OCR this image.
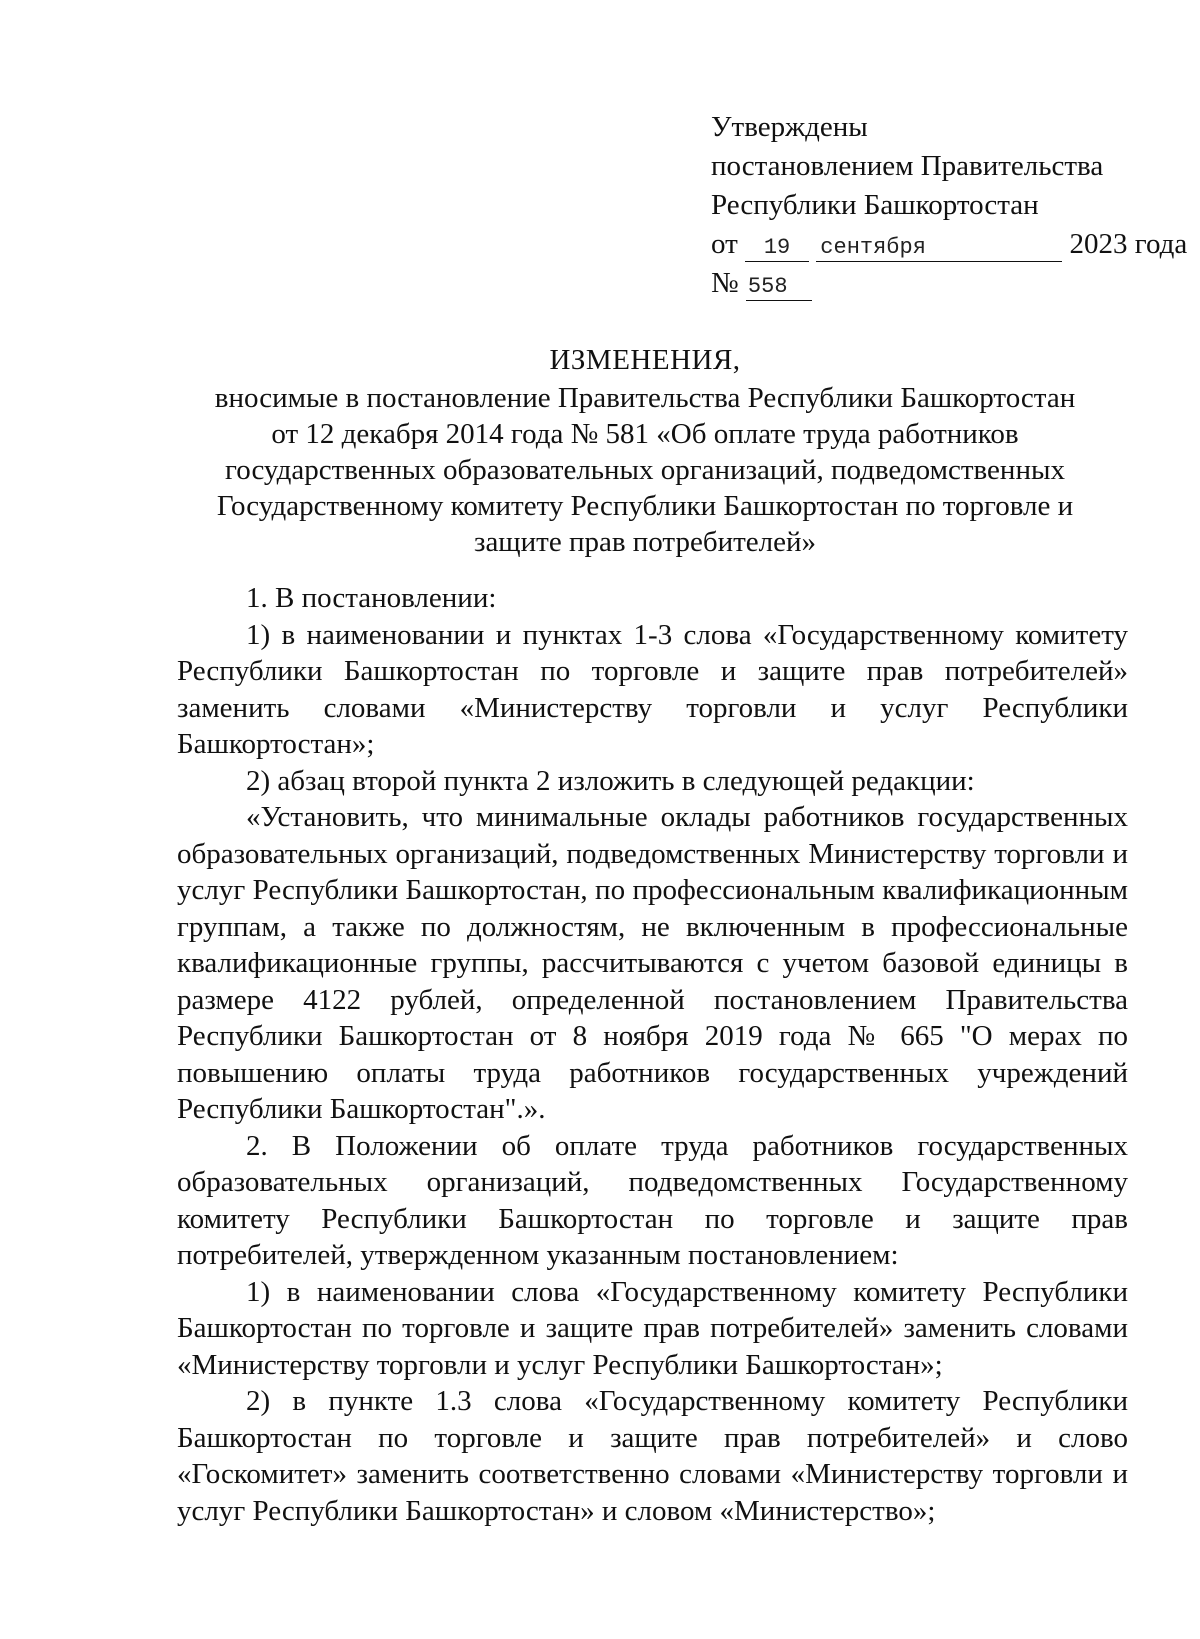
Утверждены
постановлением Правительства
Республики Башкортостан
от 19 сентября	2023 года
№ 558
ИЗМЕНЕНИЯ,
вносимые в постановление Правительства Республики Башкортостан
от 12 декабря 2014 года № 581 «Об оплате труда работников
государственных образовательных организаций, подведомственных
Государственному комитету Республики Башкортостан по торговле и
защите прав потребителей»

1. В постановлении:

1) в наименовании и пунктах 1-3 слова «Государственному комитету Республики Башкортостан по торговле и защите прав потребителей» заменить словами «Министерству торговли и услуг Республики Башкортостан»;

2) абзац второй пункта 2 изложить в следующей редакции:

«Установить, что минимальные оклады работников государственных образовательных организаций, подведомственных Министерству торговли и услуг Республики Башкортостан, по профессиональным квалификационным группам, а также по должностям, не включенным в профессиональные квалификационные группы, рассчитываются с учетом базовой единицы в размере 4122 рублей, определенной постановлением Правительства Республики Башкортостан от 8 ноября 2019 года № 665 "О мерах по повышению оплаты труда работников государственных учреждений Республики Башкортостан".».

2. В Положении об оплате труда работников государственных образовательных организаций, подведомственных Государственному комитету Республики Башкортостан по торговле и защите прав потребителей, утвержденном указанным постановлением:

1) в наименовании слова «Государственному комитету Республики Башкортостан по торговле и защите прав потребителей» заменить словами «Министерству торговли и услуг Республики Башкортостан»;

2) в пункте 1.3 слова «Государственному комитету Республики Башкортостан по торговле и защите прав потребителей» и слово «Госкомитет» заменить соответственно словами «Министерству торговли и услуг Республики Башкортостан» и словом «Министерство»;
